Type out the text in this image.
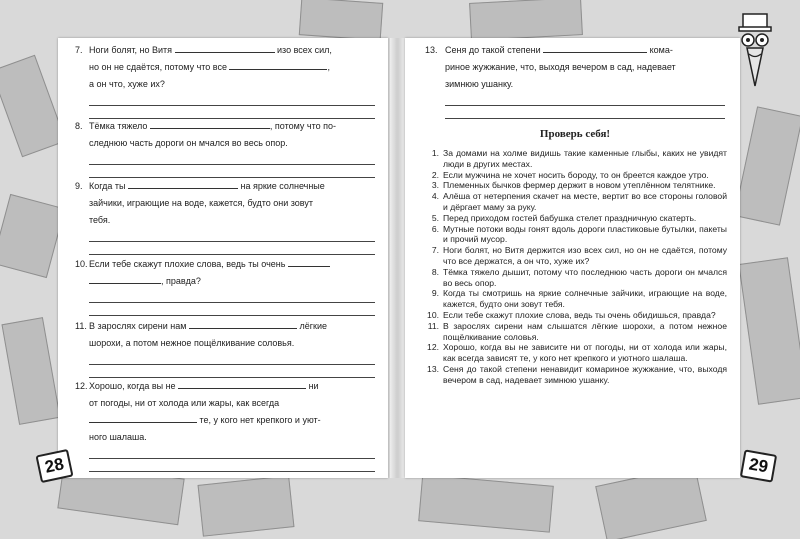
7. Ноги болят, но Витя	изо всех сил,
но он не сдаётся, потому что все	,
а он что, хуже их?
8. Тёмка тяжело	, потому что по-
следнюю часть дороги он мчался во весь опор.
9. Когда ты	на яркие солнечные
зайчики, играющие на воде, кажется, будто они зовут
тебя.
10. Если тебе скажут плохие слова, ведь ты очень
, правда?
11. В зарослях сирени нам	лёгкие
шорохи, а потом нежное пощёлкивание соловья.
12. Хорошо, когда вы не	ни
от погоды, ни от холода или жары, как всегда
те, у кого нет крепкого и уют-
ного шалаша.
28
13. Сеня до такой степени	кома-
риное жужжание, что, выходя вечером в сад, надевает
зимнюю ушанку.
Проверь себя!
1. За домами на холме видишь такие каменные глыбы, каких не увидят люди в других местах.
2. Если мужчина не хочет носить бороду, то он бреется каждое утро.
3. Племенных бычков фермер держит в новом утеплённом телятнике.
4. Алёша от нетерпения скачет на месте, вертит во все стороны головой и дёргает маму за руку.
5. Перед приходом гостей бабушка стелет праздничную скатерть.
6. Мутные потоки воды гонят вдоль дороги пластиковые бутылки, пакеты и прочий мусор.
7. Ноги болят, но Витя держится изо всех сил, но он не сдаётся, потому что все держатся, а он что, хуже их?
8. Тёмка тяжело дышит, потому что последнюю часть дороги он мчался во весь опор.
9. Когда ты смотришь на яркие солнечные зайчики, играющие на воде, кажется, будто они зовут тебя.
10. Если тебе скажут плохие слова, ведь ты очень обидишься, правда?
11. В зарослях сирени нам слышатся лёгкие шорохи, а потом нежное пощёлкивание соловья.
12. Хорошо, когда вы не зависите ни от погоды, ни от холода или жары, как всегда зависят те, у кого нет крепкого и уютного шалаша.
13. Сеня до такой степени ненавидит комариное жужжание, что, выходя вечером в сад, надевает зимнюю ушанку.
29
